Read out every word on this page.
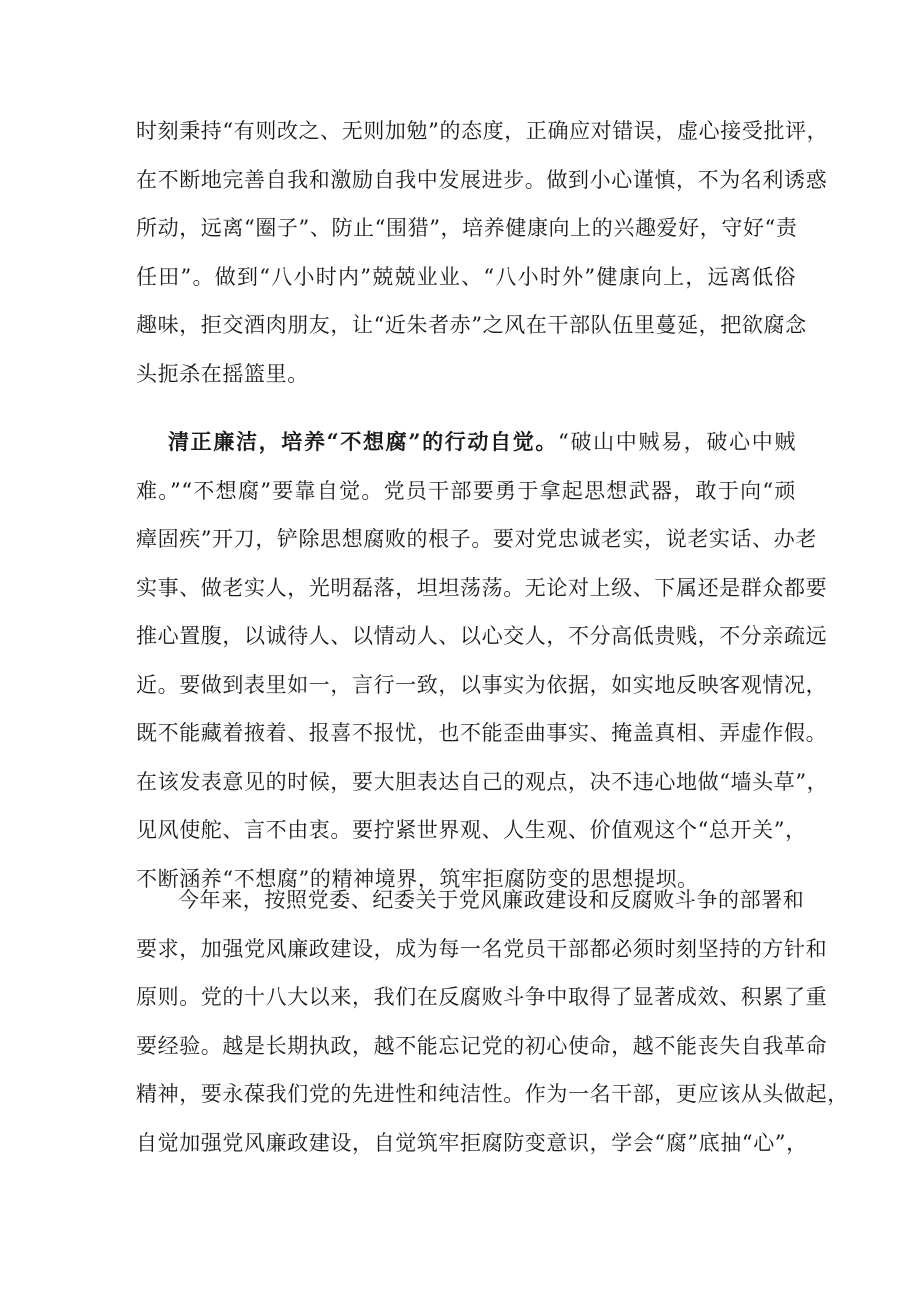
时刻秉持“有则改之、无则加勉”的态度，正确应对错误，虚心接受批评，
在不断地完善自我和激励自我中发展进步。做到小心谨慎，不为名利诱惑
所动，远离“圈子”、防止“围猎”，培养健康向上的兴趣爱好，守好“责
任田”。做到“八小时内”兢兢业业、“八小时外”健康向上，远离低俗
趣味，拒交酒肉朋友，让“近朱者赤”之风在干部队伍里蔓延，把欲腐念
头扼杀在摇篮里。

清正廉洁，培养“不想腐”的行动自觉。“破山中贼易，破心中贼
难。”“不想腐”要靠自觉。党员干部要勇于拿起思想武器，敢于向“顽
瘴固疾”开刀，铲除思想腐败的根子。要对党忠诚老实，说老实话、办老
实事、做老实人，光明磊落，坦坦荡荡。无论对上级、下属还是群众都要
推心置腹，以诚待人、以情动人、以心交人，不分高低贵贱，不分亲疏远
近。要做到表里如一，言行一致，以事实为依据，如实地反映客观情况，
既不能藏着掖着、报喜不报忧，也不能歪曲事实、掩盖真相、弄虚作假。
在该发表意见的时候，要大胆表达自己的观点，决不违心地做“墙头草”，
见风使舵、言不由衷。要拧紧世界观、人生观、价值观这个“总开关”，
不断涵养“不想腐”的精神境界，筑牢拒腐防变的思想提坝。

今年来，按照党委、纪委关于党风廉政建设和反腐败斗争的部署和
要求，加强党风廉政建设，成为每一名党员干部都必须时刻坚持的方针和
原则。党的十八大以来，我们在反腐败斗争中取得了显著成效、积累了重
要经验。越是长期执政，越不能忘记党的初心使命，越不能丧失自我革命
精神，要永葆我们党的先进性和纯洁性。作为一名干部，更应该从头做起，
自觉加强党风廉政建设，自觉筑牢拒腐防变意识，学会“腐”底抽“心”，
